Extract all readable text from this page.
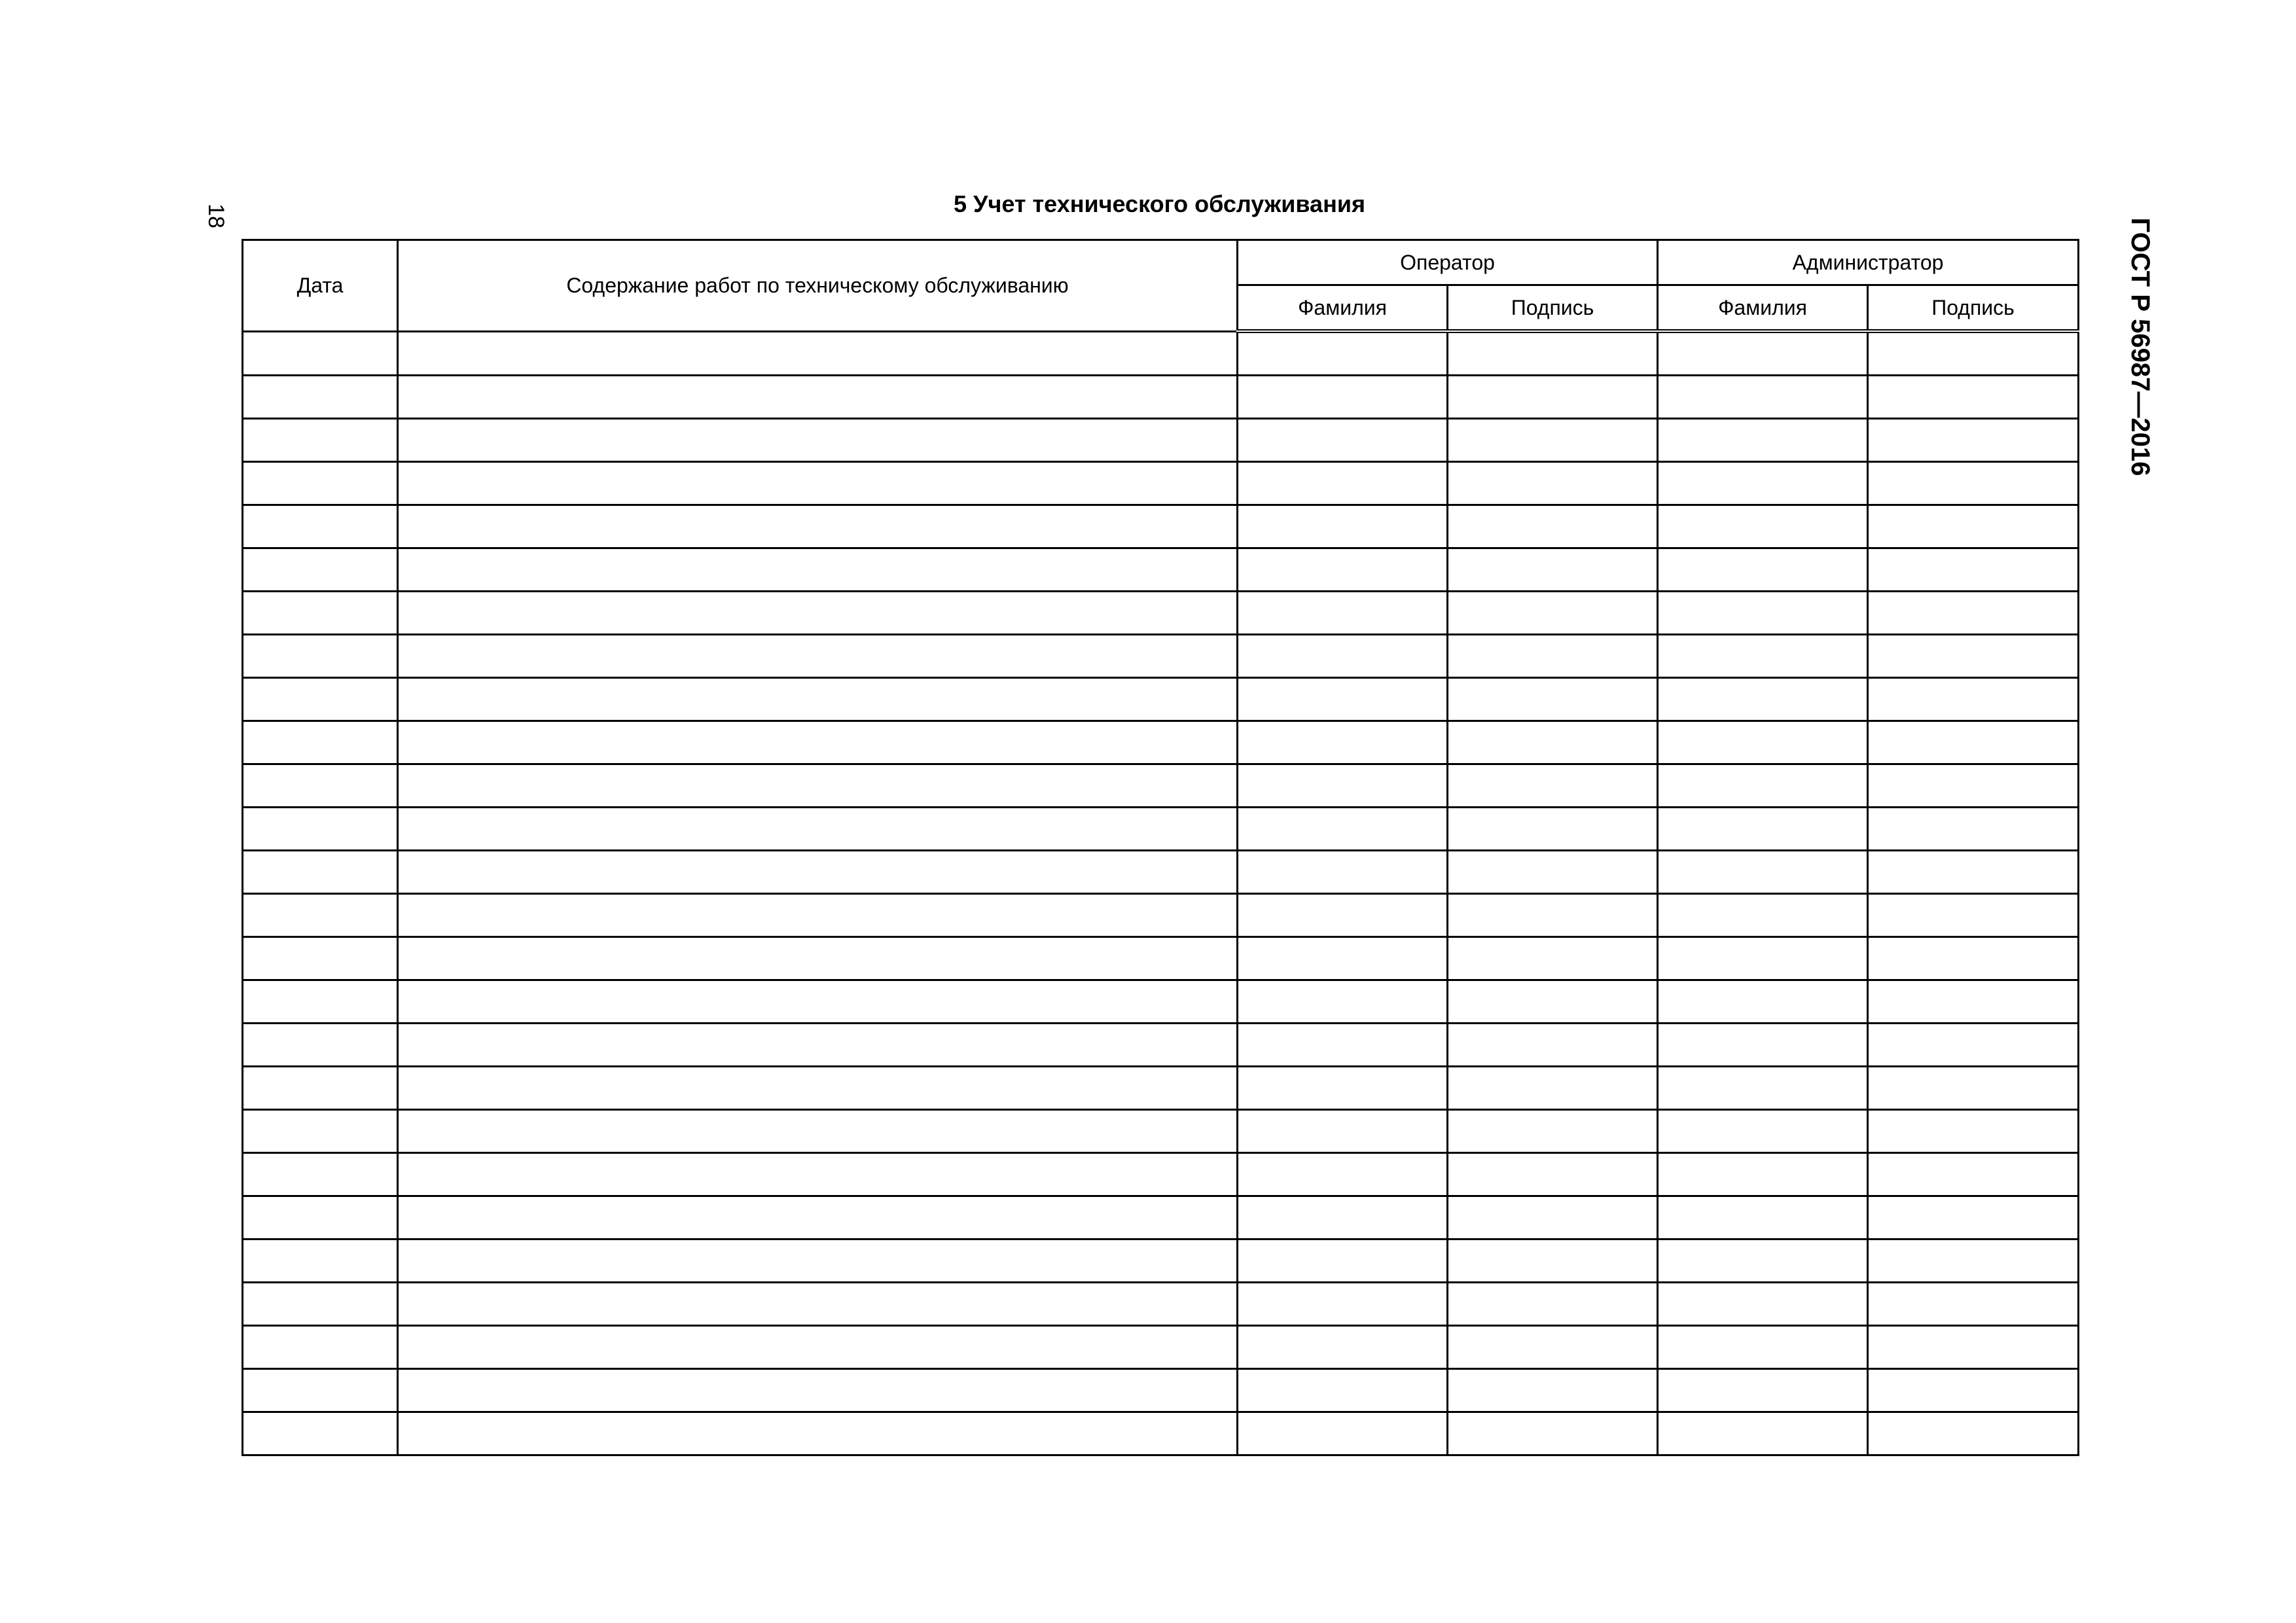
18
ГОСТ Р 56987—2016
5 Учет технического обслуживания
Дата	Содержание работ по техническому обслуживанию	Оператор		Администратор	
		Фамилия	Подпись	Фамилия	Подпись
